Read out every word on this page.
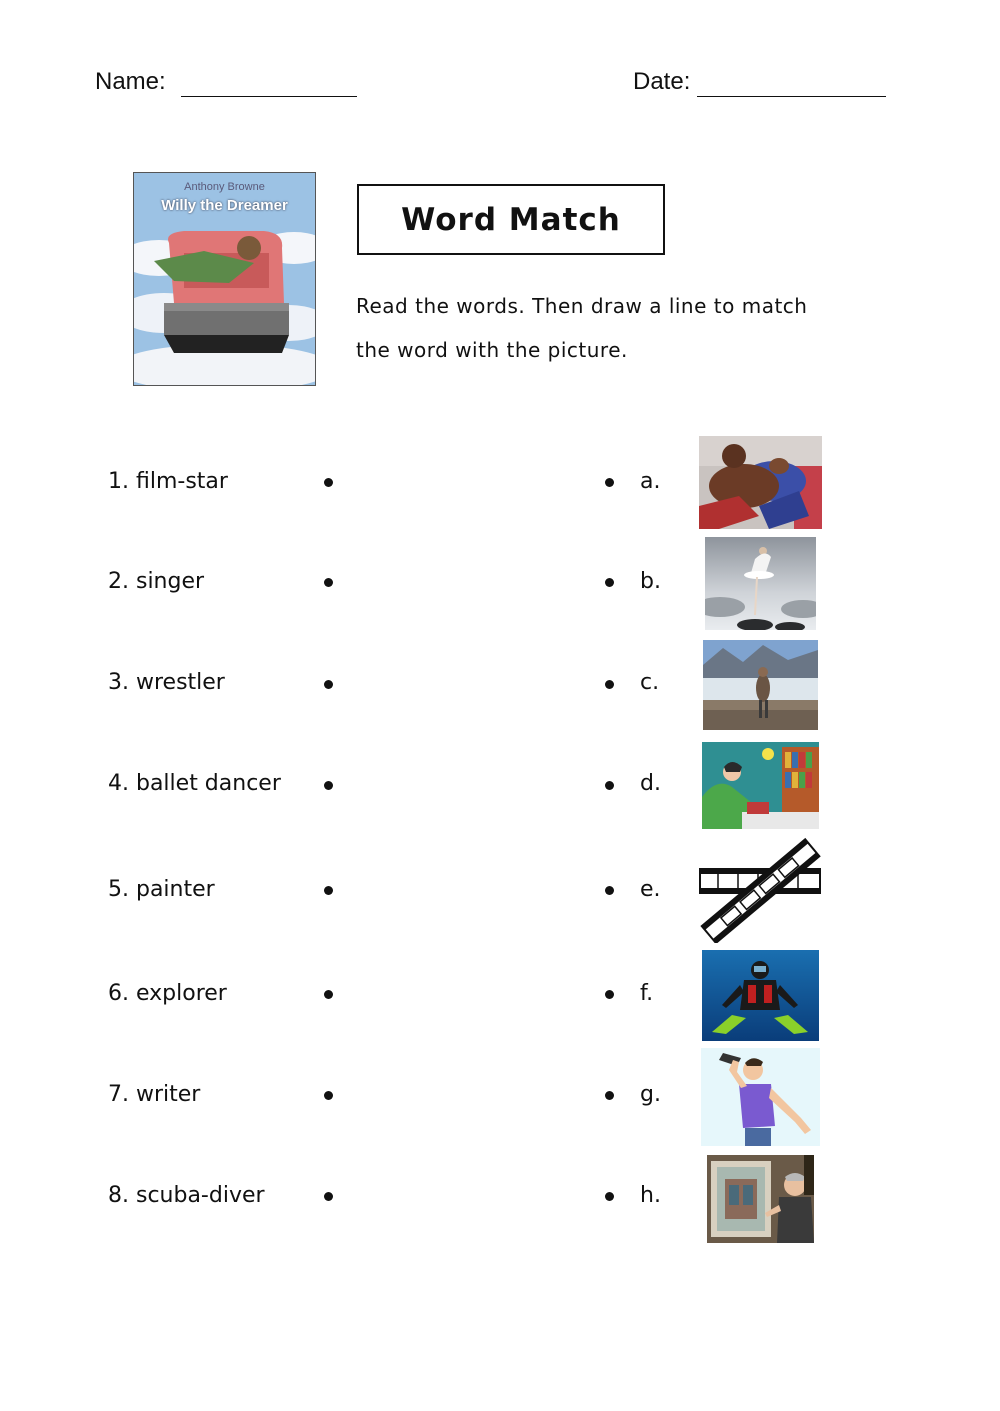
Name:	Date:
Anthony Browne
Willy the Dreamer	Word Match
Read the words. Then draw a line to match
the word with the picture.
1. film-star
2. singer
3. wrestler
4. ballet dancer
5. painter
6. explorer
7. writer
8. scuba-diver
a.
b.
c.
d.
e.
f.
g.
h.
